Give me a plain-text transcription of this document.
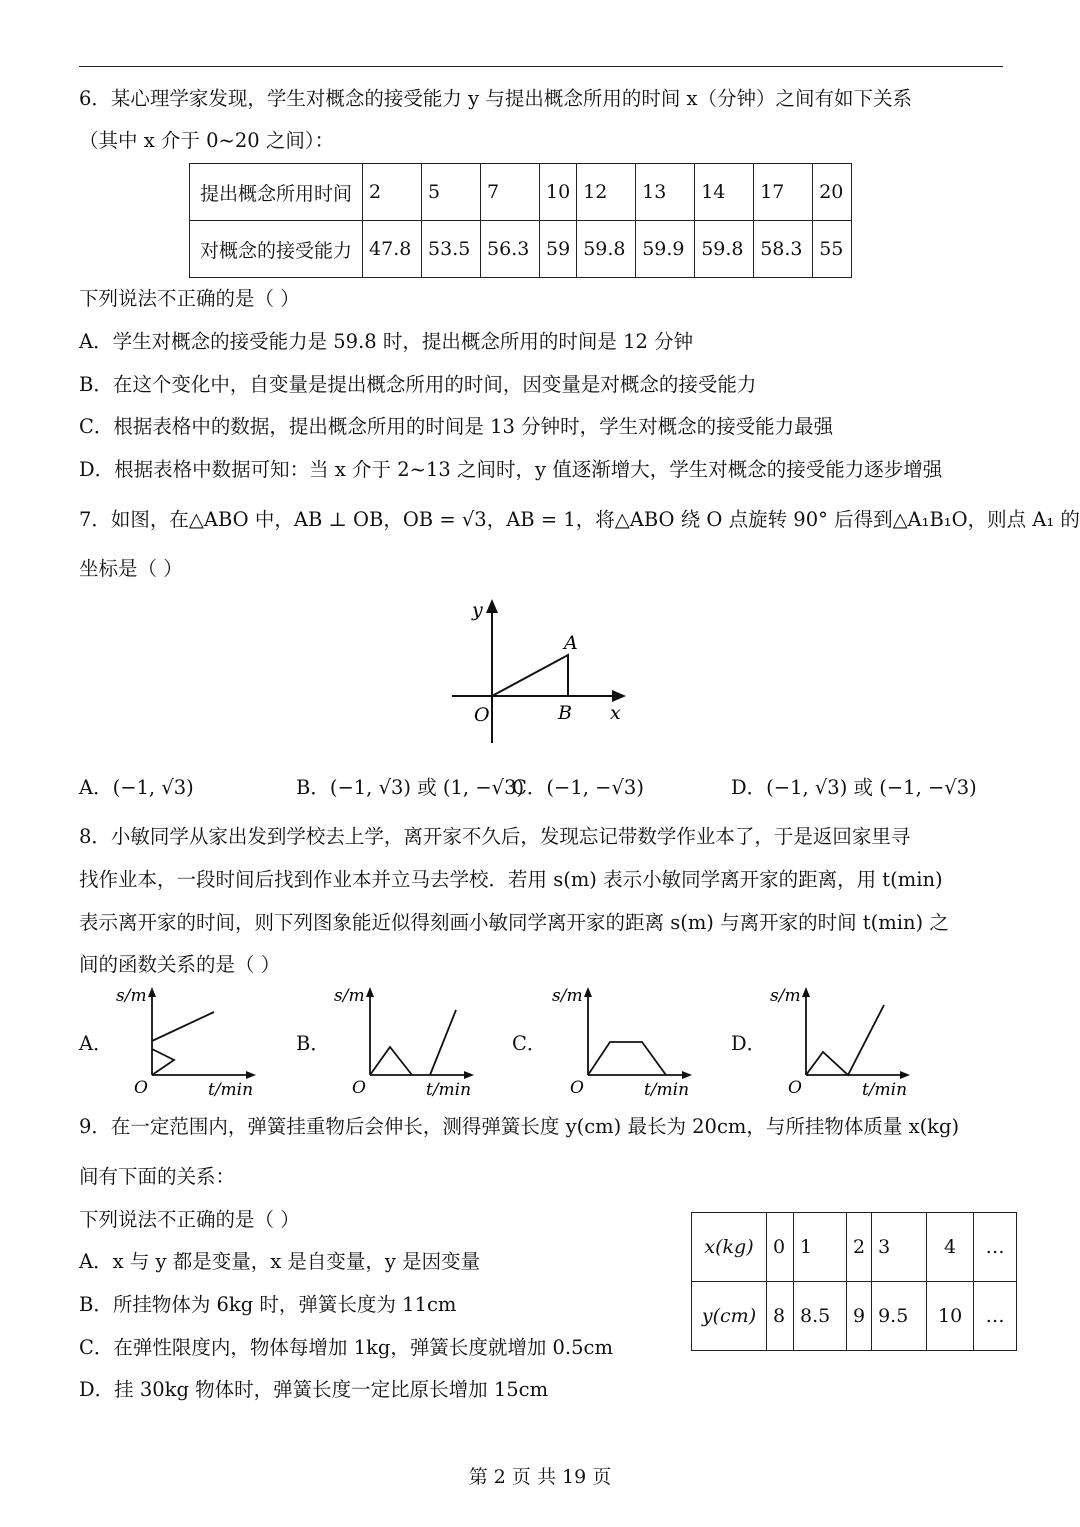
6．某心理学家发现，学生对概念的接受能力 y 与提出概念所用的时间 x（分钟）之间有如下关系
（其中 x 介于 0~20 之间）：
提出概念所用时间	2	5	7	10	12	13	14	17	20
对概念的接受能力	47.8	53.5	56.3	59	59.8	59.9	59.8	58.3	55
下列说法不正确的是（ ）
A．学生对概念的接受能力是 59.8 时，提出概念所用的时间是 12 分钟
B．在这个变化中，自变量是提出概念所用的时间，因变量是对概念的接受能力
C．根据表格中的数据，提出概念所用的时间是 13 分钟时，学生对概念的接受能力最强
D．根据表格中数据可知：当 x 介于 2~13 之间时，y 值逐渐增大，学生对概念的接受能力逐步增强
7．如图，在△ABO 中，AB ⊥ OB，OB = √3，AB = 1，将△ABO 绕 O 点旋转 90° 后得到△A₁B₁O，则点 A₁ 的
坐标是（ ）
y
x
O
A
B
A．(−1, √3)	B．(−1, √3) 或 (1, −√3)
C．(−1, −√3)	D．(−1, √3) 或 (−1, −√3)
8．小敏同学从家出发到学校去上学，离开家不久后，发现忘记带数学作业本了，于是返回家里寻
找作业本，一段时间后找到作业本并立马去学校．若用 s(m) 表示小敏同学离开家的距离，用 t(min)
表示离开家的时间，则下列图象能近似得刻画小敏同学离开家的距离 s(m) 与离开家的时间 t(min) 之
间的函数关系的是（ ）
A．	B．	C．	D．
s/m
O	t/min
s/m
O	t/min
s/m
O	t/min
s/m
O	t/min
9．在一定范围内，弹簧挂重物后会伸长，测得弹簧长度 y(cm) 最长为 20cm，与所挂物体质量 x(kg)
间有下面的关系：
下列说法不正确的是（ ）
A．x 与 y 都是变量，x 是自变量，y 是因变量
B．所挂物体为 6kg 时，弹簧长度为 11cm
C．在弹性限度内，物体每增加 1kg，弹簧长度就增加 0.5cm
D．挂 30kg 物体时，弹簧长度一定比原长增加 15cm
x(kg)	0	1	2	3	4	…
y(cm)	8	8.5	9	9.5	10	…
第 2 页 共 19 页
